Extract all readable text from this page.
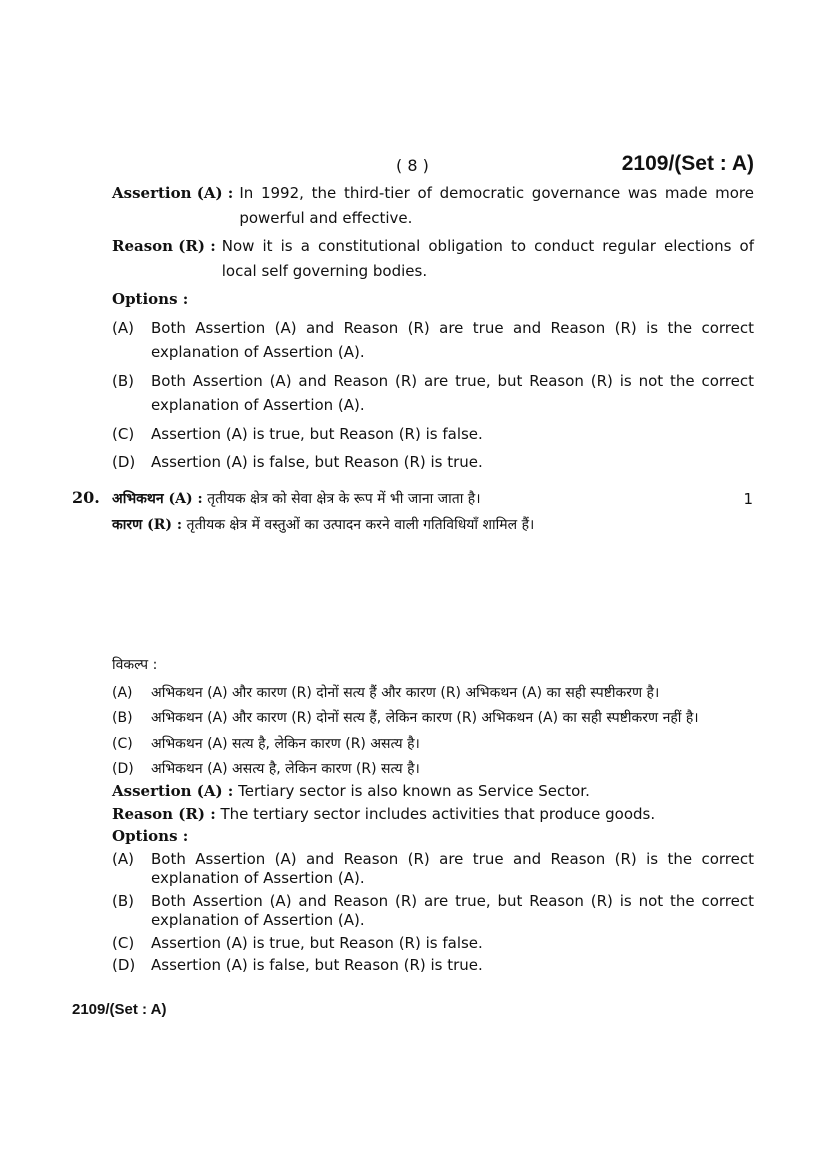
( 8 )	2109/(Set : A)
Assertion (A) : In 1992, the third-tier of democratic governance was made more powerful and effective.
Reason (R) : Now it is a constitutional obligation to conduct regular elections of local self governing bodies.
Options :
(A)	Both Assertion (A) and Reason (R) are true and Reason (R) is the correct explanation of Assertion (A).
(B)	Both Assertion (A) and Reason (R) are true, but Reason (R) is not the correct explanation of Assertion (A).
(C)	Assertion (A) is true, but Reason (R) is false.
(D)	Assertion (A) is false, but Reason (R) is true.
20.	1
अभिकथन (A) : तृतीयक क्षेत्र को सेवा क्षेत्र के रूप में भी जाना जाता है।
कारण (R) : तृतीयक क्षेत्र में वस्तुओं का उत्पादन करने वाली गतिविधियाँ शामिल हैं।
विकल्प :
(A)	अभिकथन (A) और कारण (R) दोनों सत्य हैं और कारण (R) अभिकथन (A) का सही स्पष्टीकरण है।
(B)	अभिकथन (A) और कारण (R) दोनों सत्य हैं, लेकिन कारण (R) अभिकथन (A) का सही स्पष्टीकरण नहीं है।
(C)	अभिकथन (A) सत्य है, लेकिन कारण (R) असत्य है।
(D)	अभिकथन (A) असत्य है, लेकिन कारण (R) सत्य है।
Assertion (A) : Tertiary sector is also known as Service Sector.
Reason (R) : The tertiary sector includes activities that produce goods.
Options :
(A)	Both Assertion (A) and Reason (R) are true and Reason (R) is the correct explanation of Assertion (A).
(B)	Both Assertion (A) and Reason (R) are true, but Reason (R) is not the correct explanation of Assertion (A).
(C)	Assertion (A) is true, but Reason (R) is false.
(D)	Assertion (A) is false, but Reason (R) is true.
2109/(Set : A)
